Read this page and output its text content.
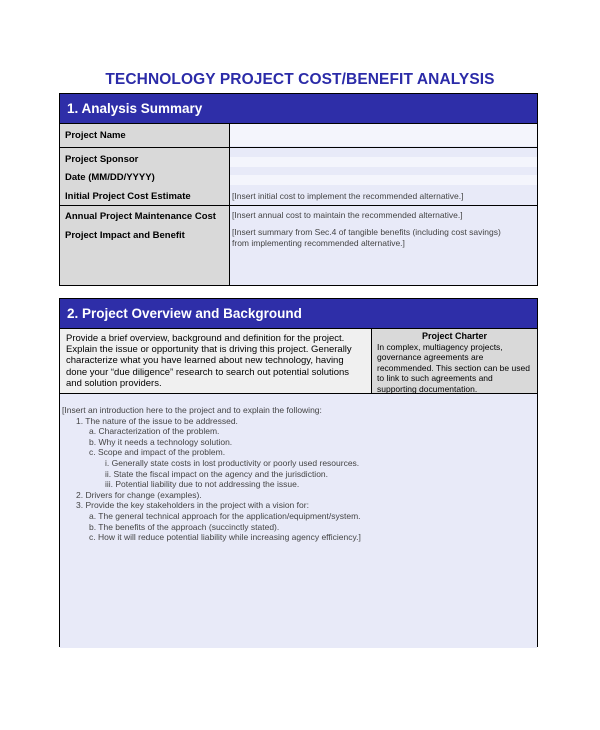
TECHNOLOGY PROJECT COST/BENEFIT ANALYSIS
1. Analysis Summary
Project Name
Project Sponsor
Date (MM/DD/YYYY)
Initial Project Cost Estimate
Annual Project Maintenance Cost
Project Impact and Benefit
[Insert initial cost to implement the recommended alternative.]
[Insert annual cost to maintain the recommended alternative.]
[Insert summary from Sec.4 of tangible benefits (including cost savings) from implementing recommended alternative.]
2. Project Overview and Background
Provide a brief overview, background and definition for the project. Explain the issue or opportunity that is driving this project. Generally characterize what you have learned about new technology, having done your “due diligence” research to search out potential solutions and solution providers.
Project Charter
In complex, multiagency projects, governance agreements are recommended. This section can be used to link to such agreements and supporting documentation.
[Insert an introduction here to the project and to explain the following:
1. The nature of the issue to be addressed.
a. Characterization of the problem.
b. Why it needs a technology solution.
c. Scope and impact of the problem.
i. Generally state costs in lost productivity or poorly used resources.
ii. State the fiscal impact on the agency and the jurisdiction.
iii. Potential liability due to not addressing the issue.
2. Drivers for change (examples).
3. Provide the key stakeholders in the project with a vision for:
a. The general technical approach for the application/equipment/system.
b. The benefits of the approach (succinctly stated).
c. How it will reduce potential liability while increasing agency efficiency.]
